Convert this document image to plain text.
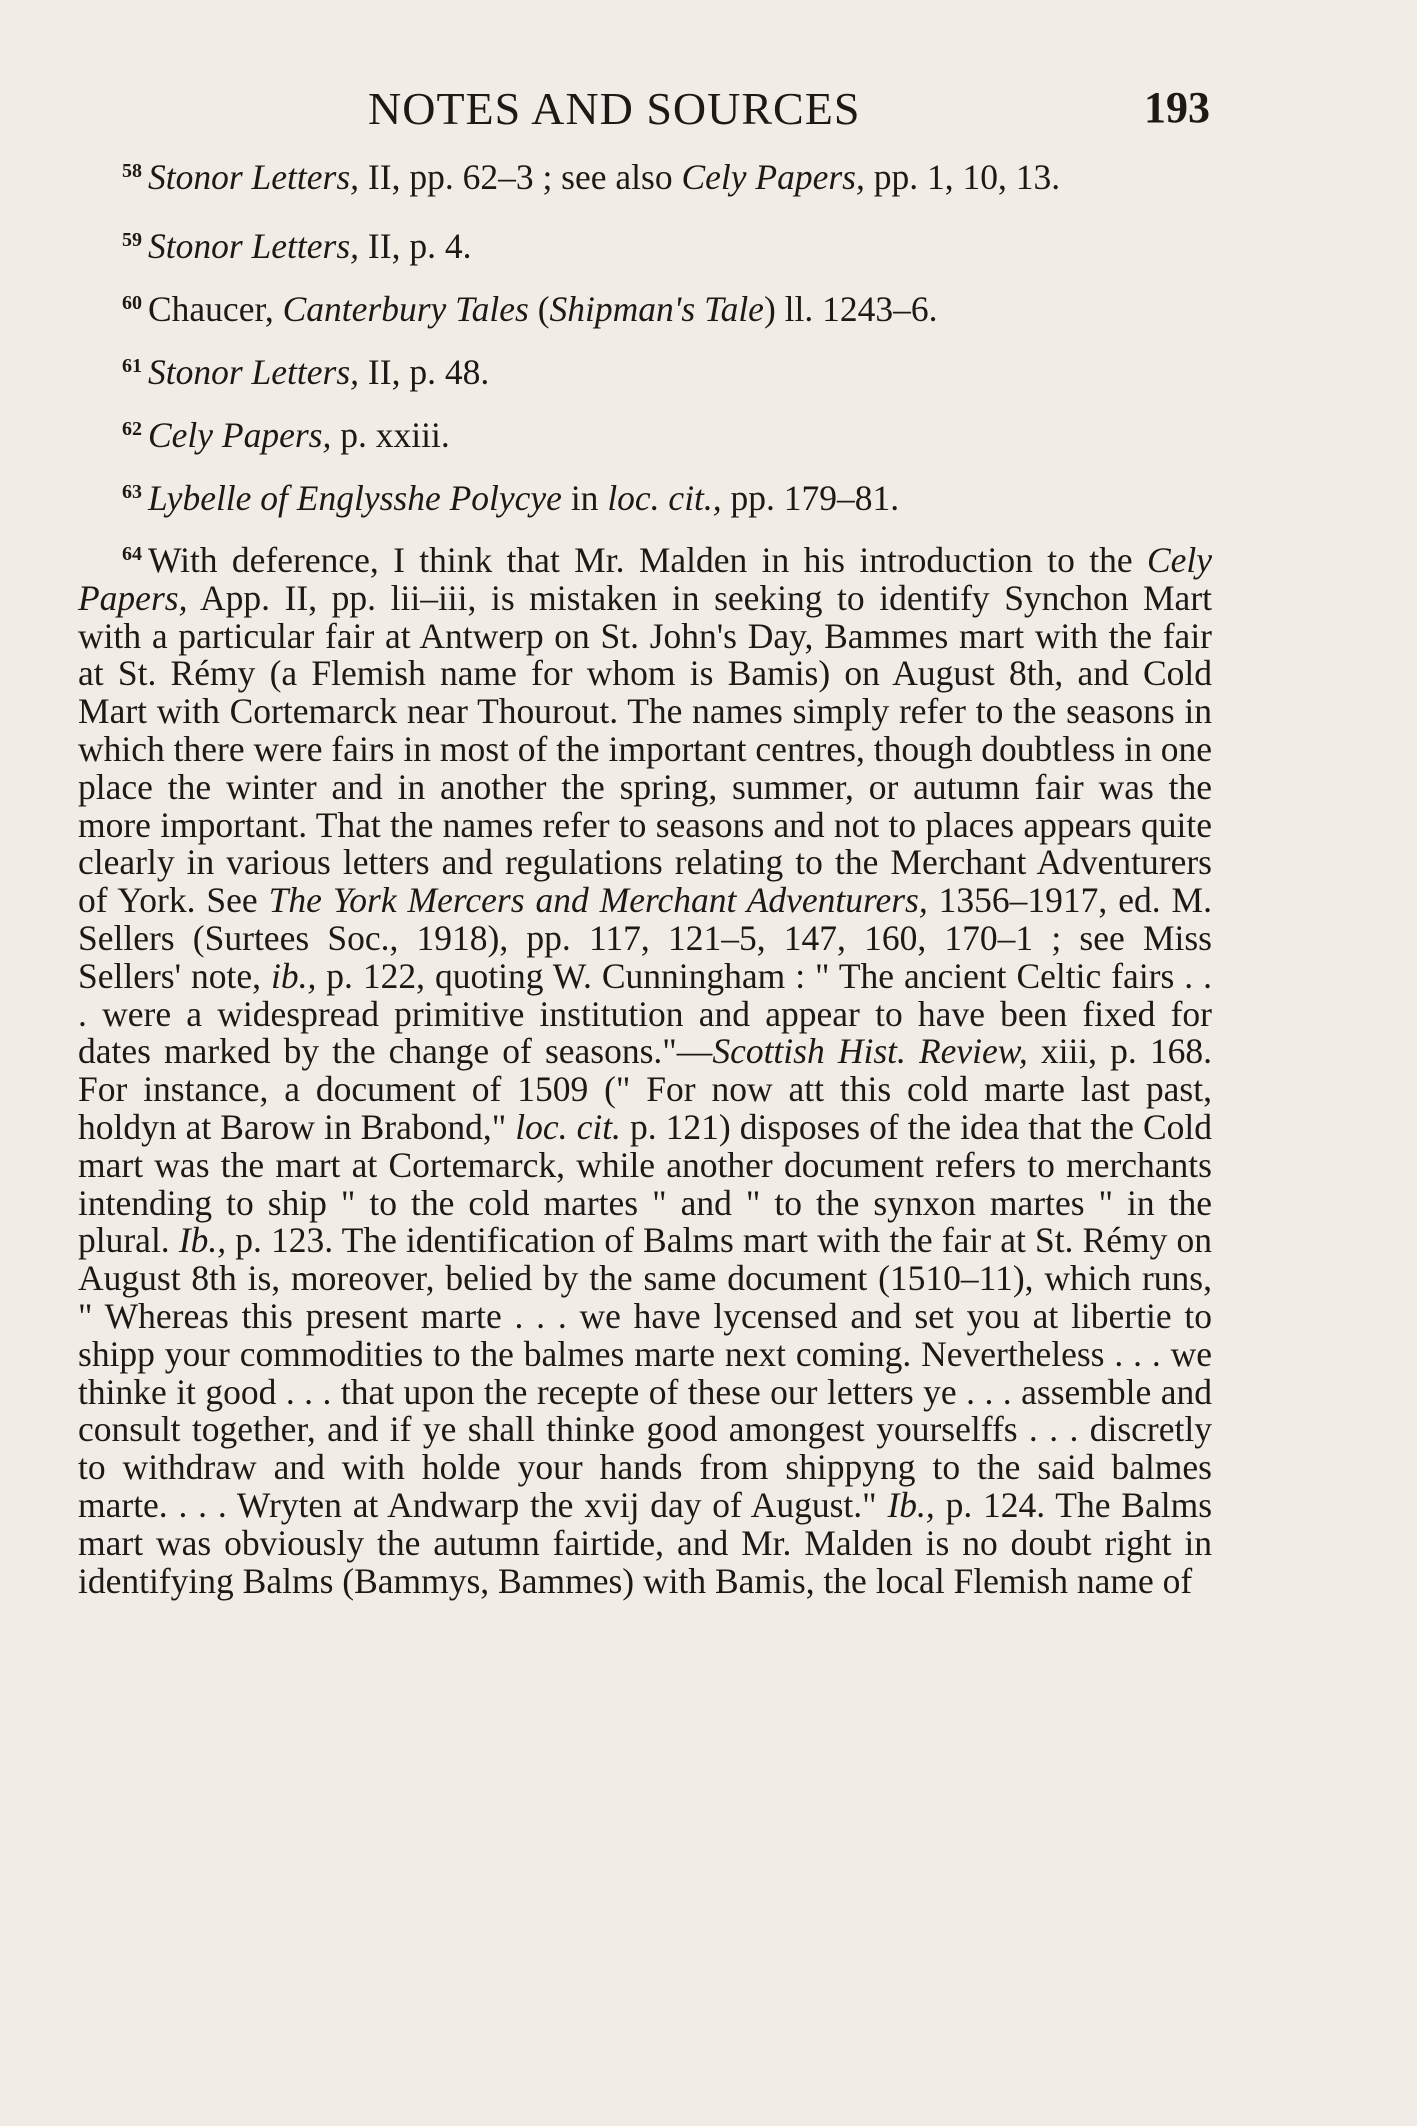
NOTES AND SOURCES	193

$^{58}$ Stonor Letters, II, pp. 62–3 ; see also Cely Papers, pp. 1, 10, 13.

$^{59}$ Stonor Letters, II, p. 4.

$^{60}$ Chaucer, Canterbury Tales (Shipman's Tale) ll. 1243–6.

$^{61}$ Stonor Letters, II, p. 48.

$^{62}$ Cely Papers, p. xxiii.

$^{63}$ Lybelle of Englysshe Polycye in loc. cit., pp. 179–81.

$^{64}$ With deference, I think that Mr. Malden in his introduction to the Cely Papers, App. II, pp. lii–iii, is mistaken in seeking to identify Synchon Mart with a particular fair at Antwerp on St. John's Day, Bammes mart with the fair at St. Rémy (a Flemish name for whom is Bamis) on August 8th, and Cold Mart with Cortemarck near Thourout. The names simply refer to the seasons in which there were fairs in most of the important centres, though doubtless in one place the winter and in another the spring, summer, or autumn fair was the more important. That the names refer to seasons and not to places appears quite clearly in various letters and regulations relating to the Merchant Adventurers of York. See The York Mercers and Merchant Adventurers, 1356–1917, ed. M. Sellers (Surtees Soc., 1918), pp. 117, 121–5, 147, 160, 170–1 ; see Miss Sellers' note, ib., p. 122, quoting W. Cunningham : " The ancient Celtic fairs . . . were a widespread primitive institution and appear to have been fixed for dates marked by the change of seasons."—Scottish Hist. Review, xiii, p. 168. For instance, a document of 1509 (" For now att this cold marte last past, holdyn at Barow in Brabond," loc. cit. p. 121) disposes of the idea that the Cold mart was the mart at Cortemarck, while another document refers to merchants intending to ship " to the cold martes " and " to the synxon martes " in the plural. Ib., p. 123. The identification of Balms mart with the fair at St. Rémy on August 8th is, moreover, belied by the same document (1510–11), which runs, " Whereas this present marte . . . we have lycensed and set you at libertie to shipp your commodities to the balmes marte next coming. Nevertheless . . . we thinke it good . . . that upon the recepte of these our letters ye . . . assemble and consult together, and if ye shall thinke good amongest yourselffs . . . discretly to withdraw and with holde your hands from shippyng to the said balmes marte. . . . Wryten at Andwarp the xvij day of August." Ib., p. 124. The Balms mart was obviously the autumn fairtide, and Mr. Malden is no doubt right in identifying Balms (Bammys, Bammes) with Bamis, the local Flemish name of
